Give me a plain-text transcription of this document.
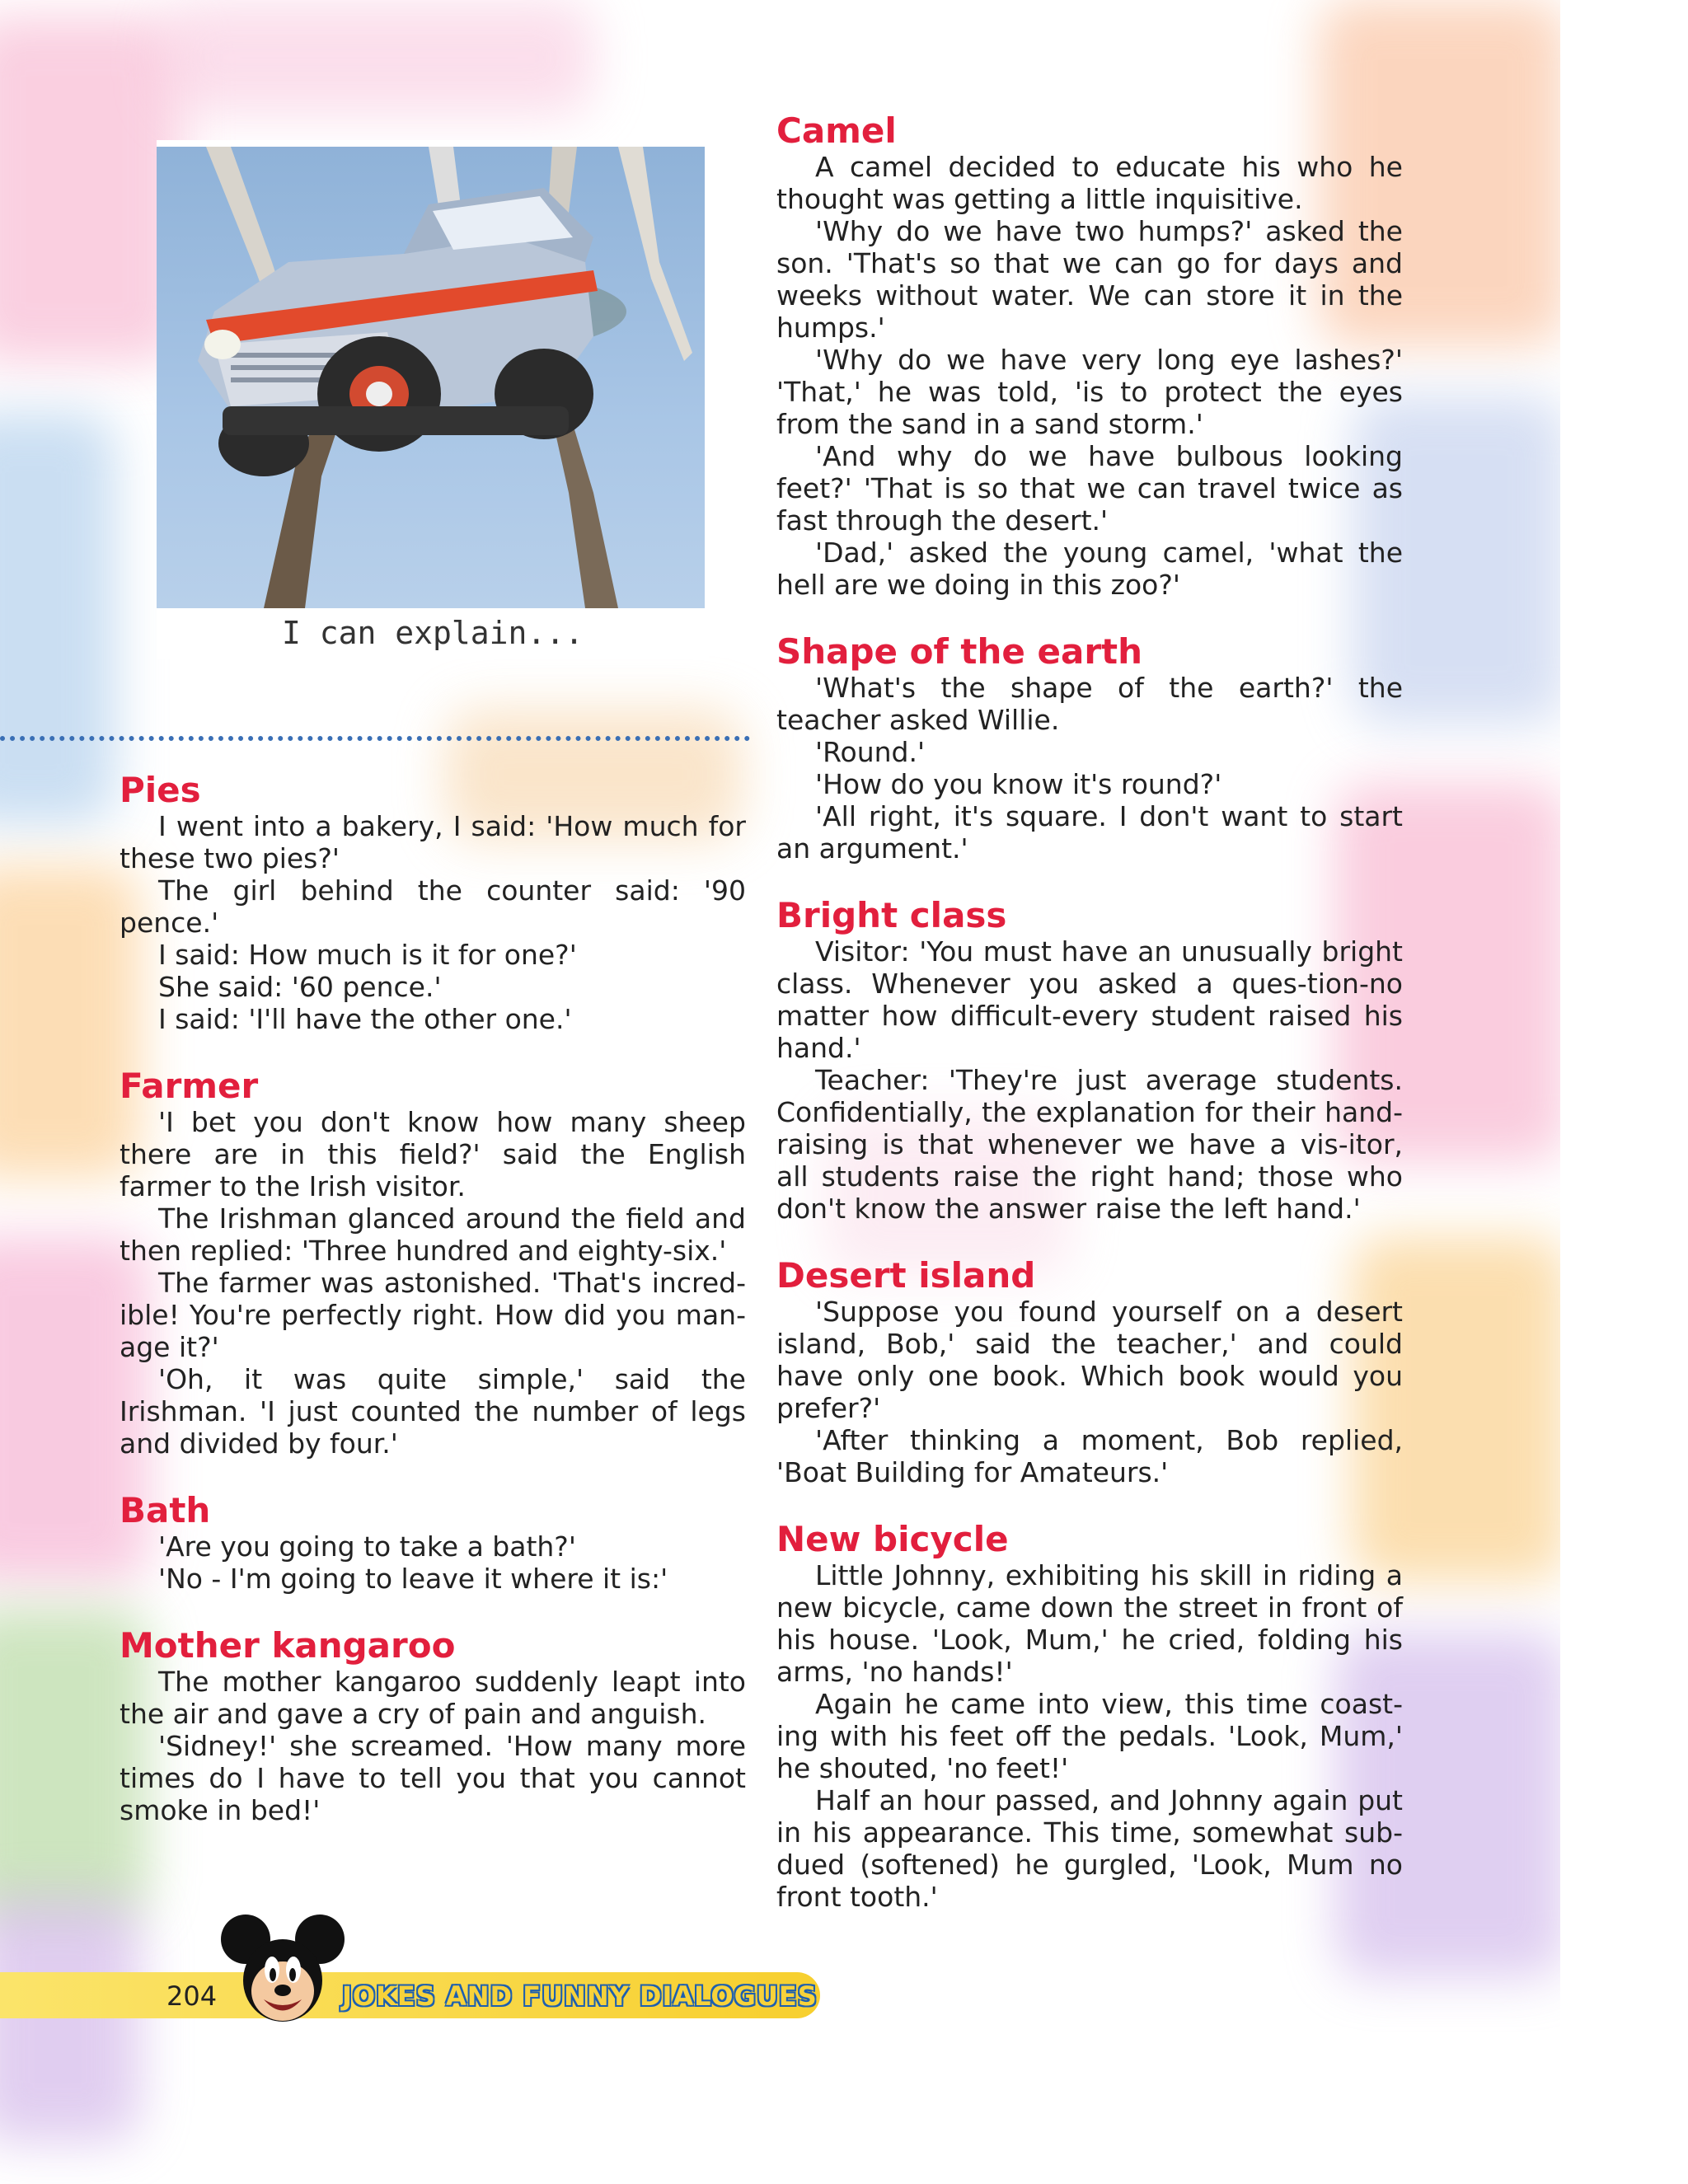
I can explain...
Pies

I went into a bakery, I said: 'How much for these two pies?'

The girl behind the counter said: '90 pence.'

I said: How much is it for one?'

She said: '60 pence.'

I said: 'I'll have the other one.'

Farmer

'I bet you don't know how many sheep there are in this field?' said the English farmer to the Irish visitor.

The Irishman glanced around the field and then replied: 'Three hundred and eighty-six.'

The farmer was astonished. 'That's incred-ible! You're perfectly right. How did you man-age it?'

'Oh, it was quite simple,' said the Irishman. 'I just counted the number of legs and divided by four.'

Bath

'Are you going to take a bath?'

'No - I'm going to leave it where it is:'

Mother kangaroo

The mother kangaroo suddenly leapt into the air and gave a cry of pain and anguish.

'Sidney!' she screamed. 'How many more times do I have to tell you that you cannot smoke in bed!'

Camel

A camel decided to educate his who he thought was getting a little inquisitive.

'Why do we have two humps?' asked the son. 'That's so that we can go for days and weeks without water. We can store it in the humps.'

'Why do we have very long eye lashes?' 'That,' he was told, 'is to protect the eyes from the sand in a sand storm.'

'And why do we have bulbous looking feet?' 'That is so that we can travel twice as fast through the desert.'

'Dad,' asked the young camel, 'what the hell are we doing in this zoo?'

Shape of the earth

'What's the shape of the earth?' the teacher asked Willie.

'Round.'

'How do you know it's round?'

'All right, it's square. I don't want to start an argument.'

Bright class

Visitor: 'You must have an unusually bright class. Whenever you asked a ques-tion-no matter how difficult-every student raised his hand.'

Teacher: 'They're just average students. Confidentially, the explanation for their hand-raising is that whenever we have a vis-itor, all students raise the right hand; those who don't know the answer raise the left hand.'

Desert island

'Suppose you found yourself on a desert island, Bob,' said the teacher,' and could have only one book. Which book would you prefer?'

'After thinking a moment, Bob replied, 'Boat Building for Amateurs.'

New bicycle

Little Johnny, exhibiting his skill in riding a new bicycle, came down the street in front of his house. 'Look, Mum,' he cried, folding his arms, 'no hands!'

Again he came into view, this time coast-ing with his feet off the pedals. 'Look, Mum,' he shouted, 'no feet!'

Half an hour passed, and Johnny again put in his appearance. This time, somewhat sub-dued (softened) he gurgled, 'Look, Mum no front tooth.'

204	JOKES AND FUNNY DIALOGUES
